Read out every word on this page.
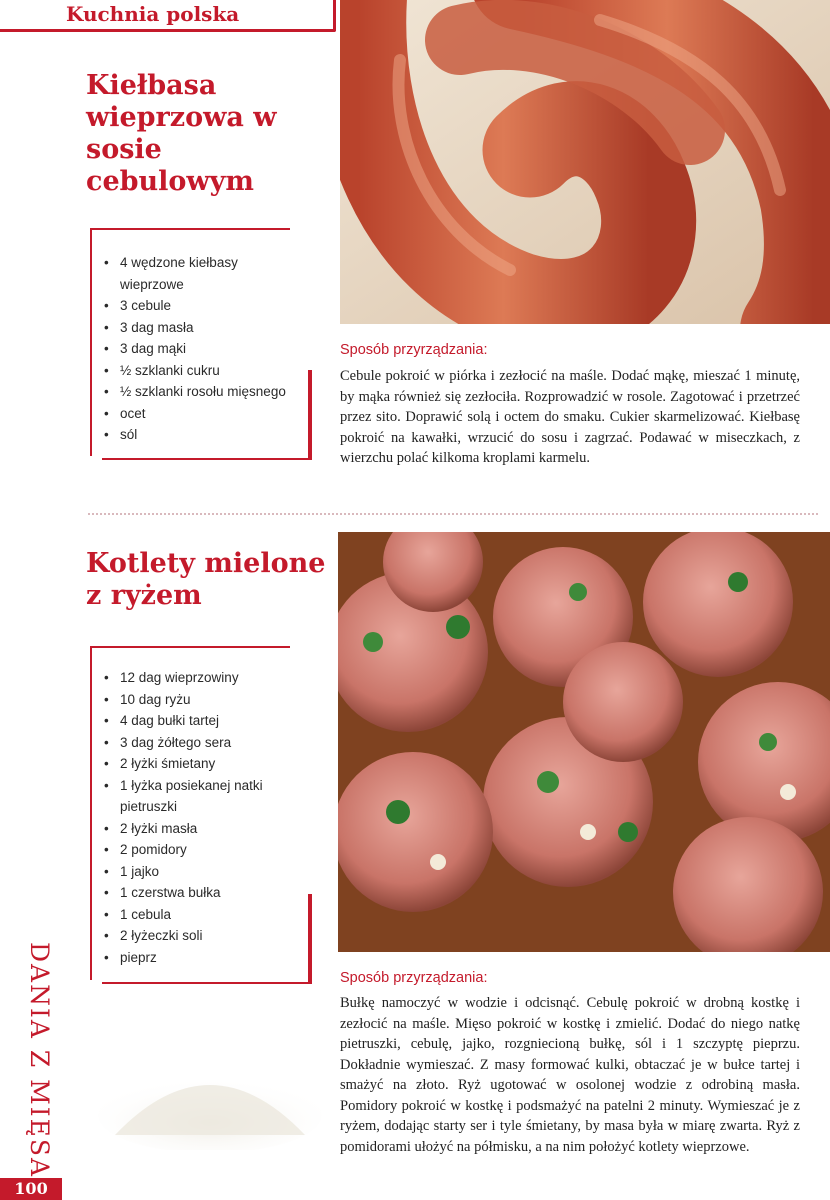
Kuchnia polska
Kiełbasa wieprzowa w sosie cebulowym
• 4 wędzone kiełbasy wieprzowe
• 3 cebule
• 3 dag masła
• 3 dag mąki
• ½ szklanki cukru
• ½ szklanki rosołu mięsnego
• ocet
• sól
Sposób przyrządzania:

Cebule pokroić w piórka i zezłocić na maśle. Dodać mąkę, mieszać 1 minutę, by mąka również się zezłociła. Rozprowadzić w rosole. Zagotować i przetrzeć przez sito. Doprawić solą i octem do smaku. Cukier skarmelizować. Kiełbasę pokroić na kawałki, wrzucić do sosu i zagrzać. Podawać w miseczkach, z wierzchu polać kilkoma kroplami karmelu.

Kotlety mielone z ryżem
• 12 dag wieprzowiny
• 10 dag ryżu
• 4 dag bułki tartej
• 3 dag żółtego sera
• 2 łyżki śmietany
• 1 łyżka posiekanej natki pietruszki
• 2 łyżki masła
• 2 pomidory
• 1 jajko
• 1 czerstwa bułka
• 1 cebula
• 2 łyżeczki soli
• pieprz
Sposób przyrządzania:

Bułkę namoczyć w wodzie i odcisnąć. Cebulę pokroić w drobną kostkę i zezłocić na maśle. Mięso pokroić w kostkę i zmielić. Dodać do niego natkę pietruszki, cebulę, jajko, rozgniecioną bułkę, sól i 1 szczyptę pieprzu. Dokładnie wymieszać. Z masy formować kulki, obtaczać je w bułce tartej i smażyć na złoto. Ryż ugotować w osolonej wodzie z odrobiną masła. Pomidory pokroić w kostkę i podsmażyć na patelni 2 minuty. Wymieszać je z ryżem, dodając starty ser i tyle śmietany, by masa była w miarę zwarta. Ryż z pomidorami ułożyć na półmisku, a na nim położyć kotlety wieprzowe.

DANIA Z MIĘSA
100
